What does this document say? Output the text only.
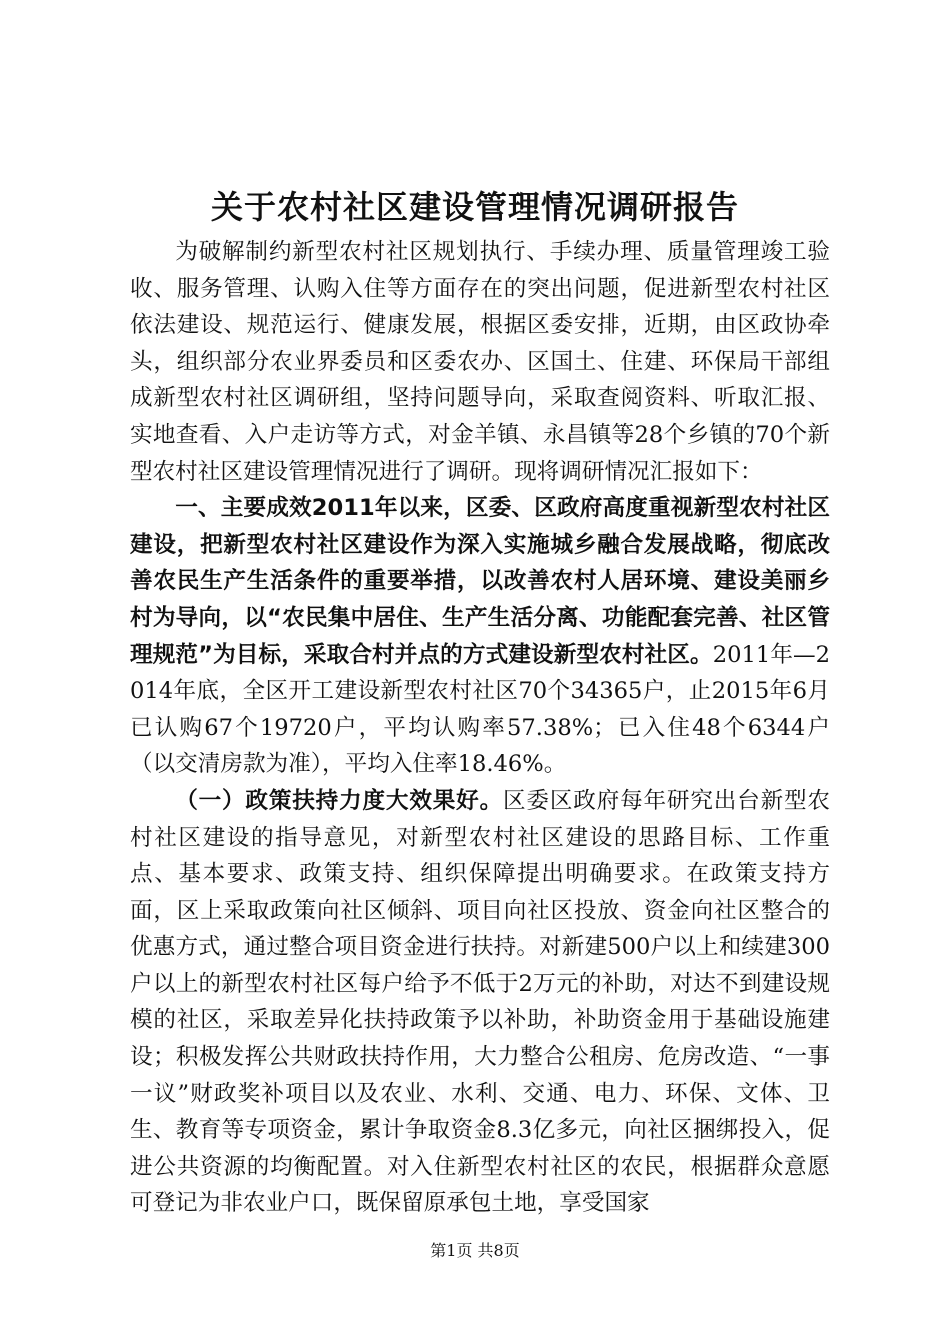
关于农村社区建设管理情况调研报告

为破解制约新型农村社区规划执行、手续办理、质量管理竣工验收、服务管理、认购入住等方面存在的突出问题，促进新型农村社区依法建设、规范运行、健康发展，根据区委安排，近期，由区政协牵头，组织部分农业界委员和区委农办、区国土、住建、环保局干部组成新型农村社区调研组，坚持问题导向，采取查阅资料、听取汇报、实地查看、入户走访等方式，对金羊镇、永昌镇等28个乡镇的70个新型农村社区建设管理情况进行了调研。现将调研情况汇报如下：

一、主要成效2011年以来，区委、区政府高度重视新型农村社区建设，把新型农村社区建设作为深入实施城乡融合发展战略，彻底改善农民生产生活条件的重要举措，以改善农村人居环境、建设美丽乡村为导向，以“农民集中居住、生产生活分离、功能配套完善、社区管理规范”为目标，采取合村并点的方式建设新型农村社区。2011年—2014年底，全区开工建设新型农村社区70个34365户，止2015年6月已认购67个19720户，平均认购率57.38%；已入住48个6344户（以交清房款为准），平均入住率18.46%。

（一）政策扶持力度大效果好。区委区政府每年研究出台新型农村社区建设的指导意见，对新型农村社区建设的思路目标、工作重点、基本要求、政策支持、组织保障提出明确要求。在政策支持方面，区上采取政策向社区倾斜、项目向社区投放、资金向社区整合的优惠方式，通过整合项目资金进行扶持。对新建500户以上和续建300户以上的新型农村社区每户给予不低于2万元的补助，对达不到建设规模的社区，采取差异化扶持政策予以补助，补助资金用于基础设施建设；积极发挥公共财政扶持作用，大力整合公租房、危房改造、“一事一议”财政奖补项目以及农业、水利、交通、电力、环保、文体、卫生、教育等专项资金，累计争取资金8.3亿多元，向社区捆绑投入，促进公共资源的均衡配置。对入住新型农村社区的农民，根据群众意愿可登记为非农业户口，既保留原承包土地，享受国家

第1页 共8页
